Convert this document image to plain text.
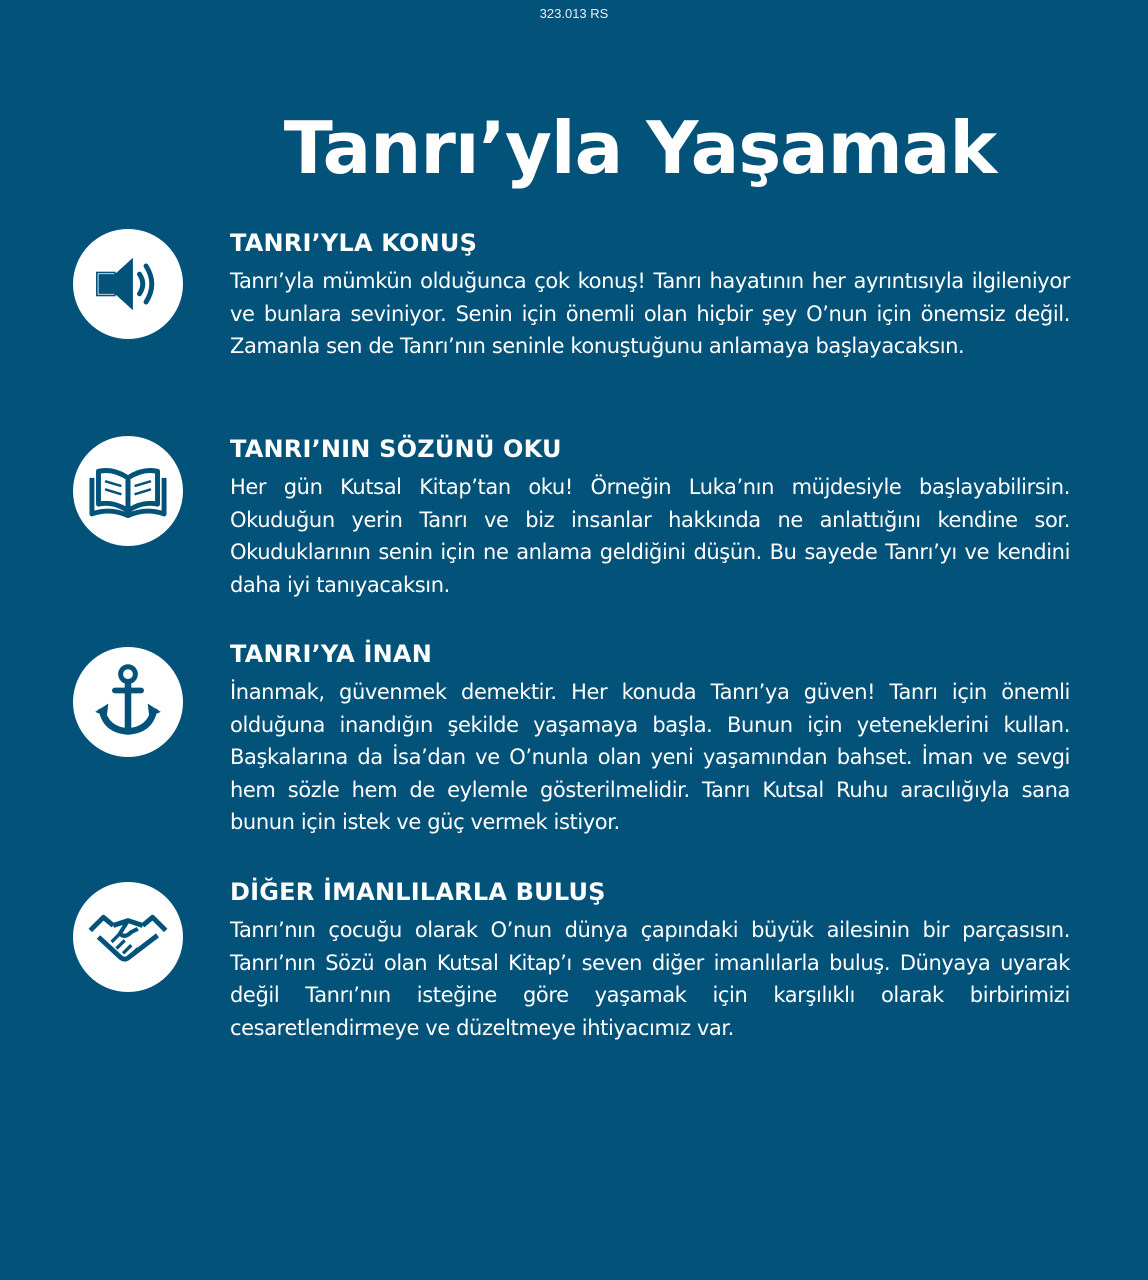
323.013 RS
Tanrı’yla Yaşamak
TANRI’YLA KONUŞ

Tanrı’yla mümkün olduğunca çok konuş! Tanrı hayatının her ayrıntısıyla ilgileniyor ve bunlara seviniyor. Senin için önemli olan hiçbir şey O’nun için önemsiz değil. Zamanla sen de Tanrı’nın seninle konuştuğunu anlamaya başlayacaksın.

TANRI’NIN SÖZÜNÜ OKU

Her gün Kutsal Kitap’tan oku! Örneğin Luka’nın müjdesiyle başlayabilirsin. Okuduğun yerin Tanrı ve biz insanlar hakkında ne anlattığını kendine sor. Okuduklarının senin için ne anlama geldiğini düşün. Bu sayede Tanrı’yı ve kendini daha iyi tanıyacaksın.

TANRI’YA İNAN

İnanmak, güvenmek demektir. Her konuda Tanrı’ya güven! Tanrı için önemli olduğuna inandığın şekilde yaşamaya başla. Bunun için yeteneklerini kullan. Başkalarına da İsa’dan ve O’nunla olan yeni yaşamından bahset. İman ve sevgi hem sözle hem de eylemle gösterilmelidir. Tanrı Kutsal Ruhu aracılığıyla sana bunun için istek ve güç vermek istiyor.

DİĞER İMANLILARLA BULUŞ

Tanrı’nın çocuğu olarak O’nun dünya çapındaki büyük ailesinin bir parçasısın. Tanrı’nın Sözü olan Kutsal Kitap’ı seven diğer imanlılarla buluş. Dünyaya uyarak değil Tanrı’nın isteğine göre yaşamak için karşılıklı olarak birbirimizi cesaretlendirmeye ve düzeltmeye ihtiyacımız var.
